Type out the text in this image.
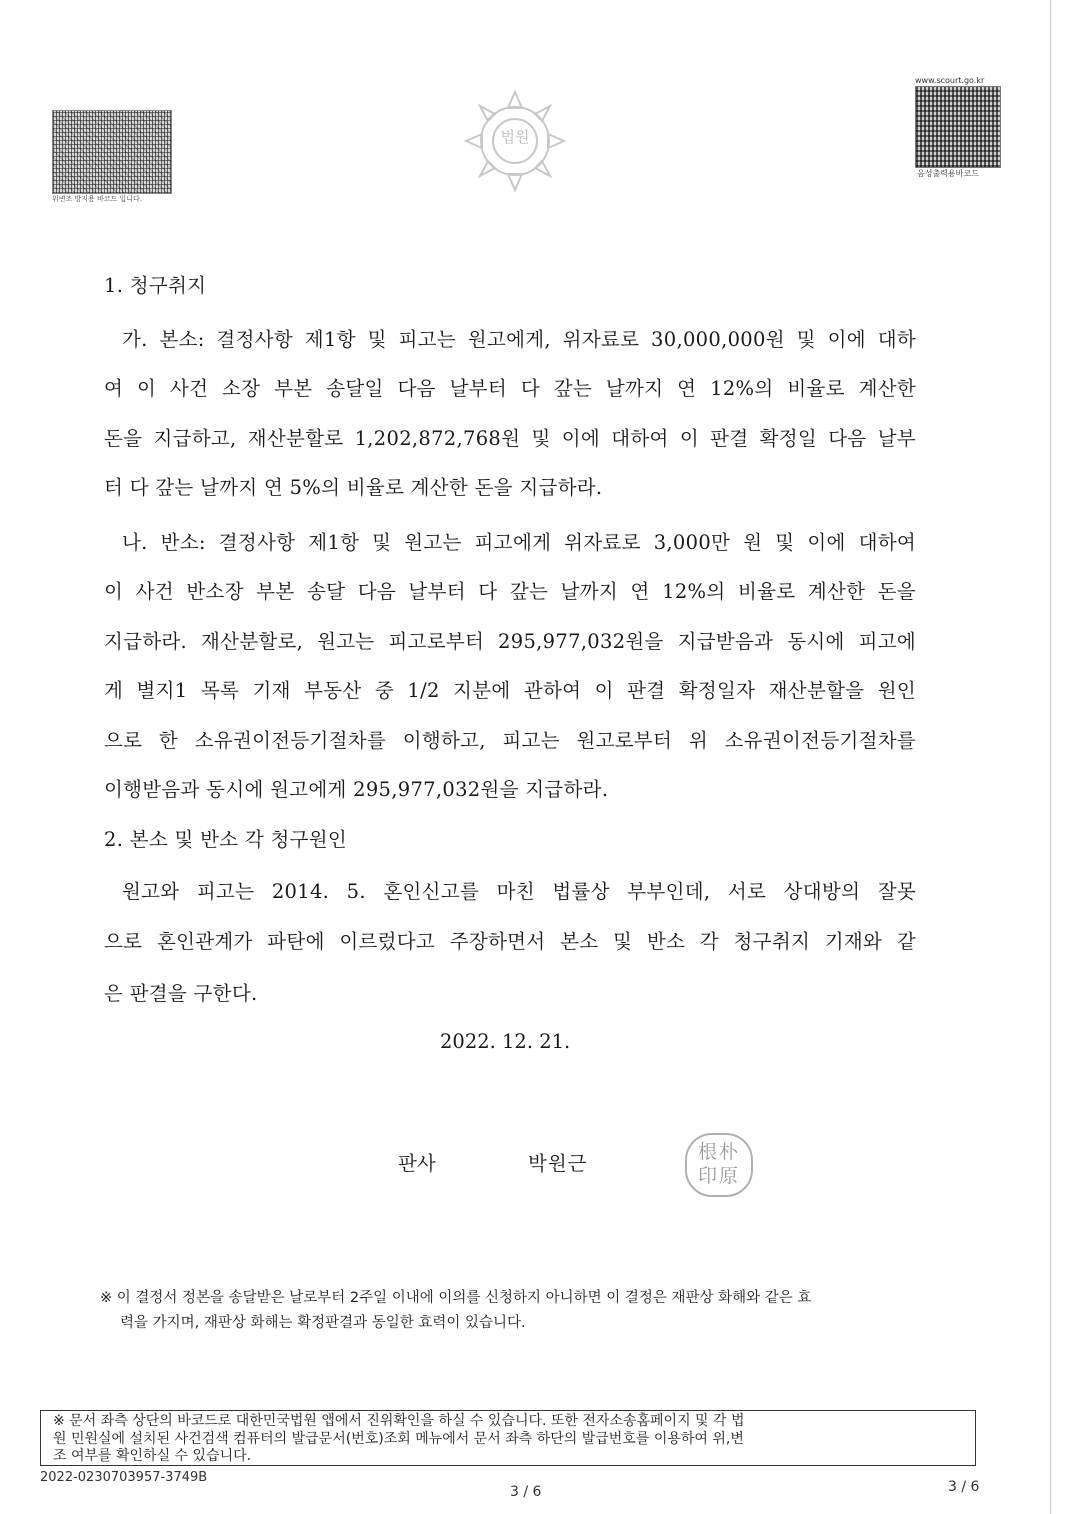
위변조 방지용 바코드 입니다.
법원
www.scourt.go.kr
음성출력용바코드
1. 청구취지
가. 본소: 결정사항 제1항 및 피고는 원고에게, 위자료로 30,000,000원 및 이에 대하
여 이 사건 소장 부본 송달일 다음 날부터 다 갚는 날까지 연 12%의 비율로 계산한
돈을 지급하고, 재산분할로 1,202,872,768원 및 이에 대하여 이 판결 확정일 다음 날부
터 다 갚는 날까지 연 5%의 비율로 계산한 돈을 지급하라.
나. 반소: 결정사항 제1항 및 원고는 피고에게 위자료로 3,000만 원 및 이에 대하여
이 사건 반소장 부본 송달 다음 날부터 다 갚는 날까지 연 12%의 비율로 계산한 돈을
지급하라. 재산분할로, 원고는 피고로부터 295,977,032원을 지급받음과 동시에 피고에
게 별지1 목록 기재 부동산 중 1/2 지분에 관하여 이 판결 확정일자 재산분할을 원인
으로 한 소유권이전등기절차를 이행하고, 피고는 원고로부터 위 소유권이전등기절차를
이행받음과 동시에 원고에게 295,977,032원을 지급하라.
2. 본소 및 반소 각 청구원인
원고와 피고는 2014. 5. 혼인신고를 마친 법률상 부부인데, 서로 상대방의 잘못
으로 혼인관계가 파탄에 이르렀다고 주장하면서 본소 및 반소 각 청구취지 기재와 같
은 판결을 구한다.
2022. 12. 21.
판사	박원근	根朴 印原
※ 이 결정서 정본을 송달받은 날로부터 2주일 이내에 이의를 신청하지 아니하면 이 결정은 재판상 화해와 같은 효
력을 가지며, 재판상 화해는 확정판결과 동일한 효력이 있습니다.
※ 문서 좌측 상단의 바코드로 대한민국법원 앱에서 진위확인을 하실 수 있습니다. 또한 전자소송홈페이지 및 각 법
원 민원실에 설치된 사건검색 컴퓨터의 발급문서(번호)조회 메뉴에서 문서 좌측 하단의 발급번호를 이용하여 위,변
조 여부를 확인하실 수 있습니다.
2022-0230703957-3749B
3 / 6	3 / 6
